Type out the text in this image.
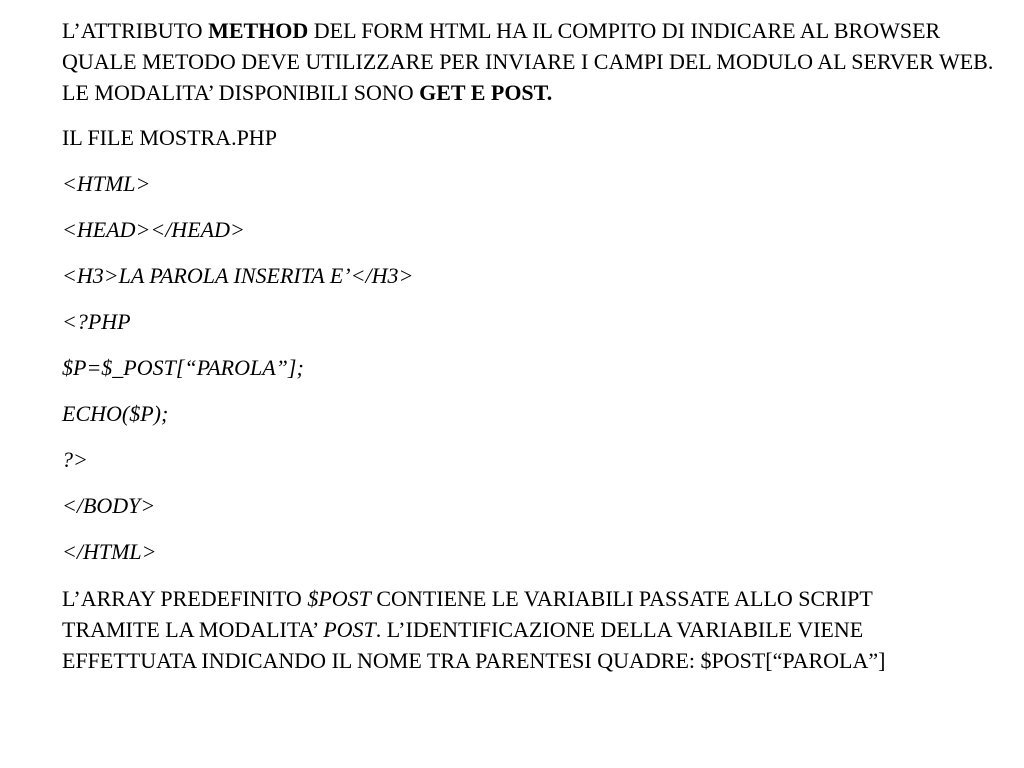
L’ATTRIBUTO METHOD DEL FORM HTML HA IL COMPITO DI INDICARE AL BROWSER QUALE METODO DEVE UTILIZZARE PER INVIARE I CAMPI DEL MODULO AL SERVER WEB. LE MODALITA’ DISPONIBILI SONO GET E POST.

IL FILE MOSTRA.PHP

<HTML>

<HEAD></HEAD>

<H3>LA PAROLA INSERITA E’</H3>

<?PHP

$P=$_POST[“PAROLA”];

ECHO($P);

?>

</BODY>

</HTML>

L’ARRAY PREDEFINITO $POST CONTIENE LE VARIABILI PASSATE ALLO SCRIPT TRAMITE LA MODALITA’ POST. L’IDENTIFICAZIONE DELLA VARIABILE VIENE EFFETTUATA INDICANDO IL NOME TRA PARENTESI QUADRE: $POST[“PAROLA”]
